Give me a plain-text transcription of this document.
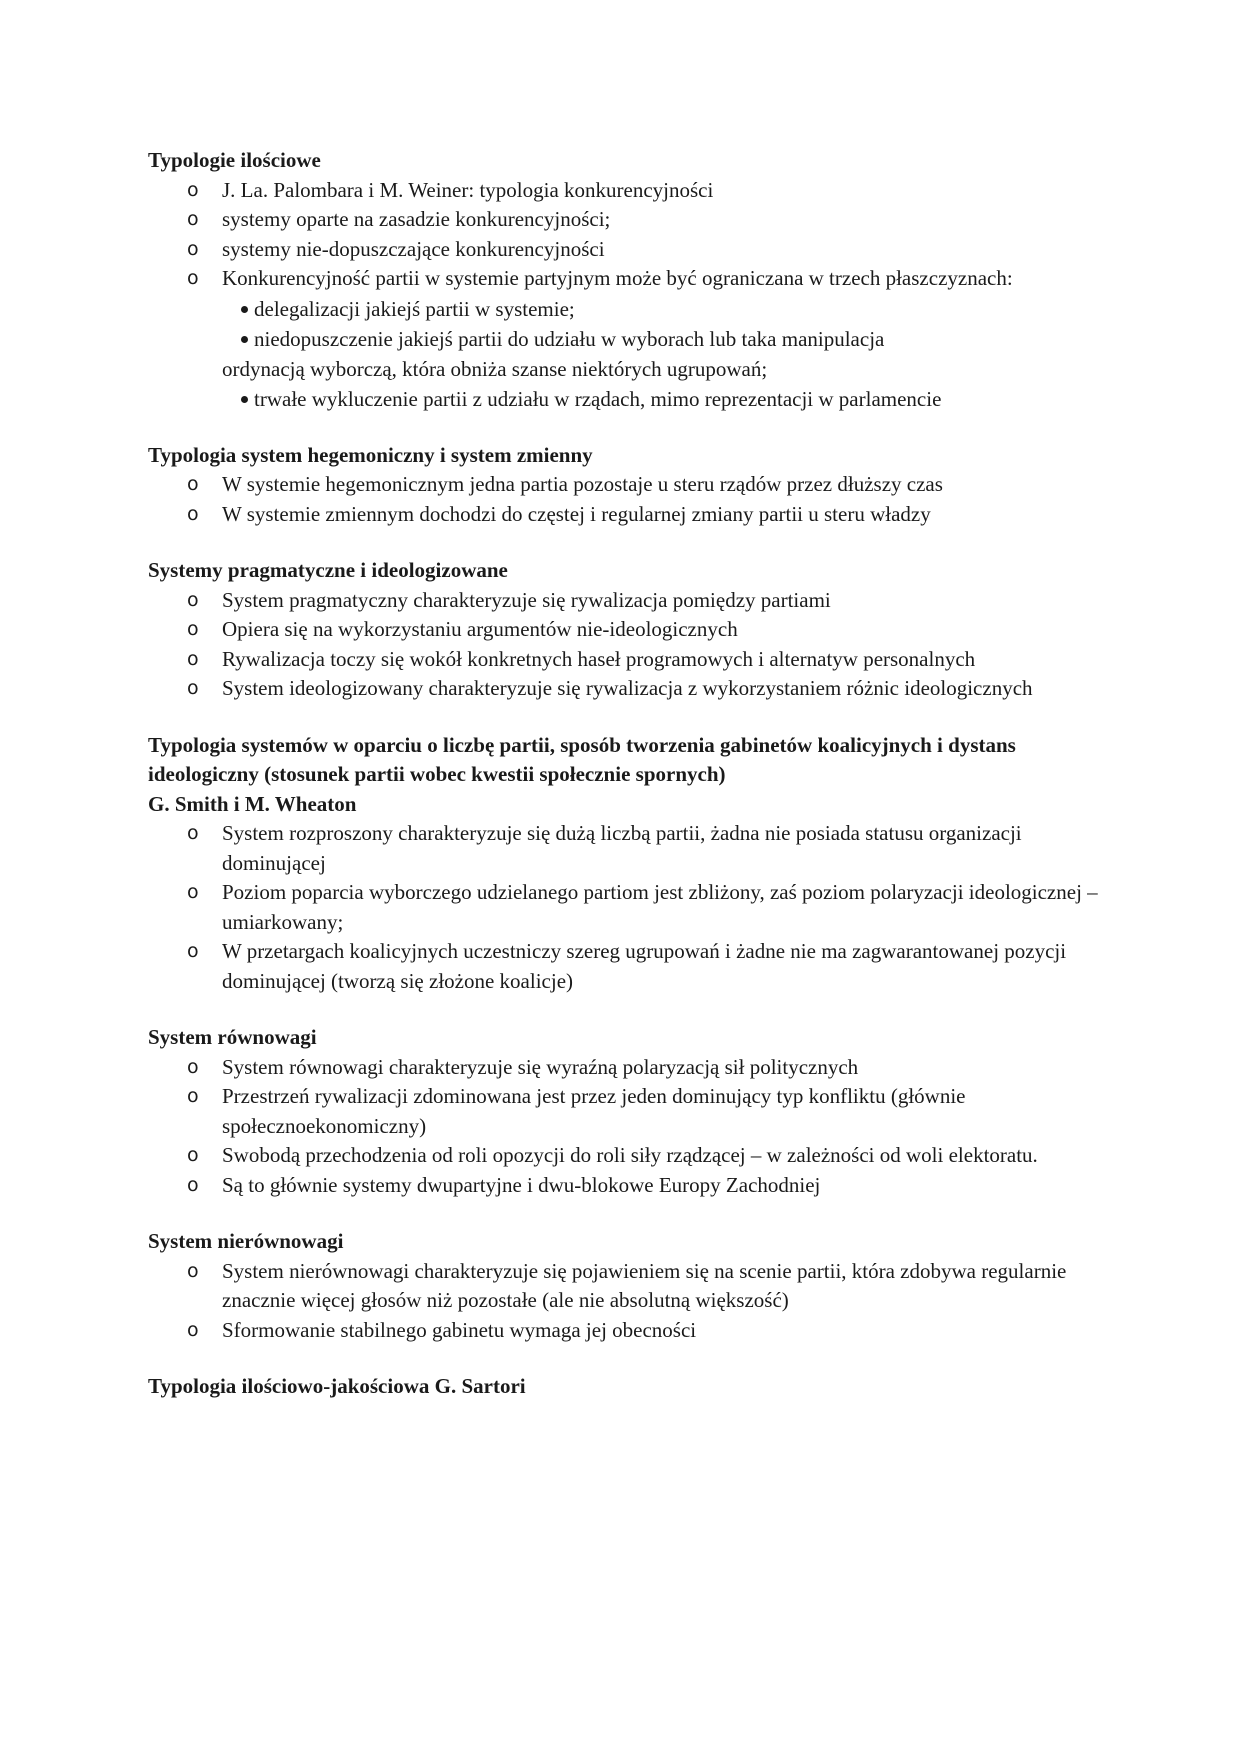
Typologie ilościowe

o J. La. Palombara i M. Weiner: typologia konkurencyjności
o systemy oparte na zasadzie konkurencyjności;
o systemy nie-dopuszczające konkurencyjności
o Konkurencyjność partii w systemie partyjnym może być ograniczana w trzech płaszczyznach:
delegalizacji jakiejś partii w systemie;
niedopuszczenie jakiejś partii do udziału w wyborach lub taka manipulacja
ordynacją wyborczą, która obniża szanse niektórych ugrupowań;
trwałe wykluczenie partii z udziału w rządach, mimo reprezentacji w parlamencie

Typologia system hegemoniczny i system zmienny

o W systemie hegemonicznym jedna partia pozostaje u steru rządów przez dłuższy czas
o W systemie zmiennym dochodzi do częstej i regularnej zmiany partii u steru władzy

Systemy pragmatyczne i ideologizowane

o System pragmatyczny charakteryzuje się rywalizacja pomiędzy partiami
o Opiera się na wykorzystaniu argumentów nie-ideologicznych
o Rywalizacja toczy się wokół konkretnych haseł programowych i alternatyw personalnych
o System ideologizowany charakteryzuje się rywalizacja z wykorzystaniem różnic ideologicznych

Typologia systemów w oparciu o liczbę partii, sposób tworzenia gabinetów koalicyjnych i dystans ideologiczny (stosunek partii wobec kwestii społecznie spornych)

G. Smith i M. Wheaton

o System rozproszony charakteryzuje się dużą liczbą partii, żadna nie posiada statusu organizacji dominującej
o Poziom poparcia wyborczego udzielanego partiom jest zbliżony, zaś poziom polaryzacji ideologicznej – umiarkowany;
o W przetargach koalicyjnych uczestniczy szereg ugrupowań i żadne nie ma zagwarantowanej pozycji dominującej (tworzą się złożone koalicje)

System równowagi

o System równowagi charakteryzuje się wyraźną polaryzacją sił politycznych
o Przestrzeń rywalizacji zdominowana jest przez jeden dominujący typ konfliktu (głównie społecznoekonomiczny)
o Swobodą przechodzenia od roli opozycji do roli siły rządzącej – w zależności od woli elektoratu.
o Są to głównie systemy dwupartyjne i dwu-blokowe Europy Zachodniej

System nierównowagi

o System nierównowagi charakteryzuje się pojawieniem się na scenie partii, która zdobywa regularnie znacznie więcej głosów niż pozostałe (ale nie absolutną większość)
o Sformowanie stabilnego gabinetu wymaga jej obecności

Typologia ilościowo-jakościowa G. Sartori
